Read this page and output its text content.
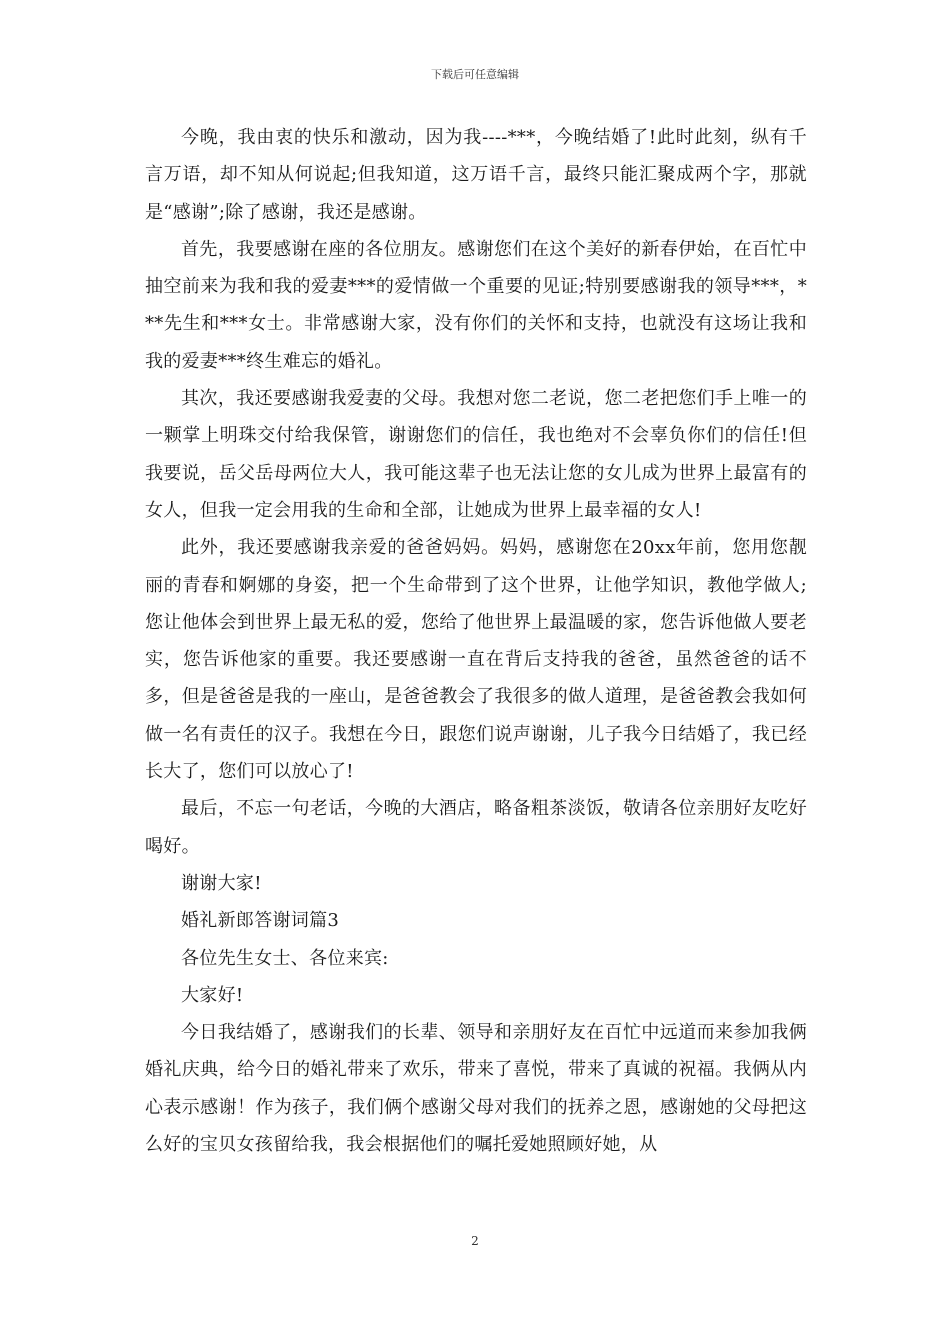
下载后可任意编辑

今晚，我由衷的快乐和激动，因为我----***，今晚结婚了!此时此刻，纵有千言万语，却不知从何说起;但我知道，这万语千言，最终只能汇聚成两个字，那就是“感谢”;除了感谢，我还是感谢。

首先，我要感谢在座的各位朋友。感谢您们在这个美好的新春伊始，在百忙中抽空前来为我和我的爱妻***的爱情做一个重要的见证;特别要感谢我的领导***，***先生和***女士。非常感谢大家，没有你们的关怀和支持，也就没有这场让我和我的爱妻***终生难忘的婚礼。

其次，我还要感谢我爱妻的父母。我想对您二老说，您二老把您们手上唯一的一颗掌上明珠交付给我保管，谢谢您们的信任，我也绝对不会辜负你们的信任!但我要说，岳父岳母两位大人，我可能这辈子也无法让您的女儿成为世界上最富有的女人，但我一定会用我的生命和全部，让她成为世界上最幸福的女人!

此外，我还要感谢我亲爱的爸爸妈妈。妈妈，感谢您在20xx年前，您用您靓丽的青春和婀娜的身姿，把一个生命带到了这个世界，让他学知识，教他学做人;您让他体会到世界上最无私的爱，您给了他世界上最温暖的家，您告诉他做人要老实，您告诉他家的重要。我还要感谢一直在背后支持我的爸爸，虽然爸爸的话不多，但是爸爸是我的一座山，是爸爸教会了我很多的做人道理，是爸爸教会我如何做一名有责任的汉子。我想在今日，跟您们说声谢谢，儿子我今日结婚了，我已经长大了，您们可以放心了!

最后，不忘一句老话，今晚的大酒店，略备粗茶淡饭，敬请各位亲朋好友吃好喝好。

谢谢大家!

婚礼新郎答谢词篇3

各位先生女士、各位来宾:

大家好!

今日我结婚了，感谢我们的长辈、领导和亲朋好友在百忙中远道而来参加我俩婚礼庆典，给今日的婚礼带来了欢乐，带来了喜悦，带来了真诚的祝福。我俩从内心表示感谢！作为孩子，我们俩个感谢父母对我们的抚养之恩，感谢她的父母把这么好的宝贝女孩留给我，我会根据他们的嘱托爱她照顾好她，从

2
